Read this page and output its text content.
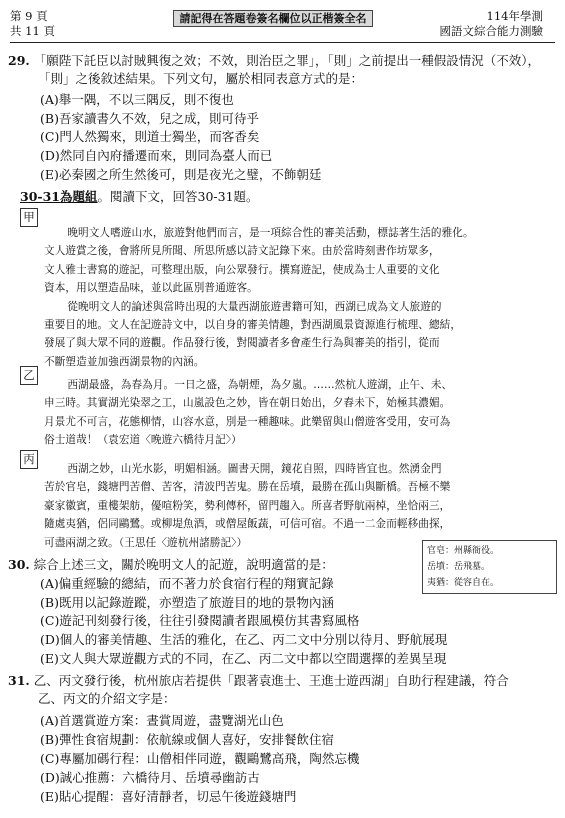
第 9 頁
共 11 頁
請記得在答題卷簽名欄位以正楷簽全名	114年學測
國語文綜合能力測驗
29. 「願陛下託臣以討賊興復之效；不效，則治臣之罪」，「則」之前提出一種假設情況（不效），
「則」之後敘述結果。下列文句，屬於相同表意方式的是：
(A)舉一隅，不以三隅反，則不復也
(B)吾家讀書久不效，兒之成，則可待乎
(C)門人然獨來，則道士獨坐，而客香矣
(D)然同自內府播遷而來，則同為臺人而已
(E)必秦國之所生然後可，則是夜光之璧，不飾朝廷
30-31為題組。閱讀下文，回答30-31題。
甲

晚明文人嗜遊山水，旅遊對他們而言，是一項綜合性的審美活動，標誌著生活的雅化。

文人遊賞之後，會將所見所聞、所思所感以詩文記錄下來。由於當時刻書作坊眾多，

文人雅士書寫的遊記，可整理出版，向公眾發行。撰寫遊記，使成為士人重要的文化

資本，用以塑造品味，並以此區別普通遊客。

從晚明文人的論述與當時出現的大量西湖旅遊書籍可知，西湖已成為文人旅遊的

重要目的地。文人在記遊詩文中，以自身的審美情趣，對西湖風景資源進行梳理、總結，

發展了與大眾不同的遊觀。作品發行後，對閱讀者多會產生行為與審美的指引，從而

不斷塑造並加強西湖景物的內涵。

乙

西湖最盛，為春為月。一日之盛，為朝煙，為夕嵐。……然杭人遊湖，止午、未、

申三時。其實湖光染翠之工，山嵐設色之妙，皆在朝日始出，夕舂未下，始極其濃媚。

月景尤不可言，花態柳情，山容水意，別是一種趣味。此樂留與山僧遊客受用，安可為

俗士道哉！（袁宏道〈晚遊六橋待月記〉）

丙

西湖之妙，山光水影，明媚相涵。圖書天開，鏡花自照，四時皆宜也。然湧金門

苦於官皂，錢塘門苦僧、苦客，清波門苦鬼。勝在岳墳，最勝在孤山與斷橋。吾極不樂

豪家徽賓，重樓架舫，優喧粉笑，勢利傳杯，留門趨入。所喜者野航兩棹，坐恰兩三，

隨處夷猶，侶同鷗鷺。或柳堤魚酒，或僧屋飯蔬，可信可宿。不過一二金而輕移曲探，

可盡兩湖之致。（王思任〈遊杭州諸勝記〉）

官皂：州縣衙役。
岳墳：岳飛墓。
夷猶：從容自在。
30. 綜合上述三文，關於晚明文人的記遊，說明適當的是：
(A)偏重經驗的總結，而不著力於食宿行程的翔實記錄
(B)既用以記錄遊蹤，亦塑造了旅遊目的地的景物內涵
(C)遊記刊刻發行後，往往引發閱讀者跟風模仿其書寫風格
(D)個人的審美情趣、生活的雅化，在乙、丙二文中分別以待月、野航展現
(E)文人與大眾遊觀方式的不同，在乙、丙二文中都以空間選擇的差異呈現
31. 乙、丙文發行後，杭州旅店若提供「跟著袁進士、王進士遊西湖」自助行程建議，符合
乙、丙文的介紹文字是：
(A)首選賞遊方案：晝賞周遊，盡覽湖光山色
(B)彈性食宿規劃：依航線或個人喜好，安排餐飲住宿
(C)專屬加碼行程：山僧相伴同遊，觀鷗鷺高飛，陶然忘機
(D)誠心推薦：六橋待月、岳墳尋幽訪古
(E)貼心提醒：喜好清靜者，切忌午後遊錢塘門
